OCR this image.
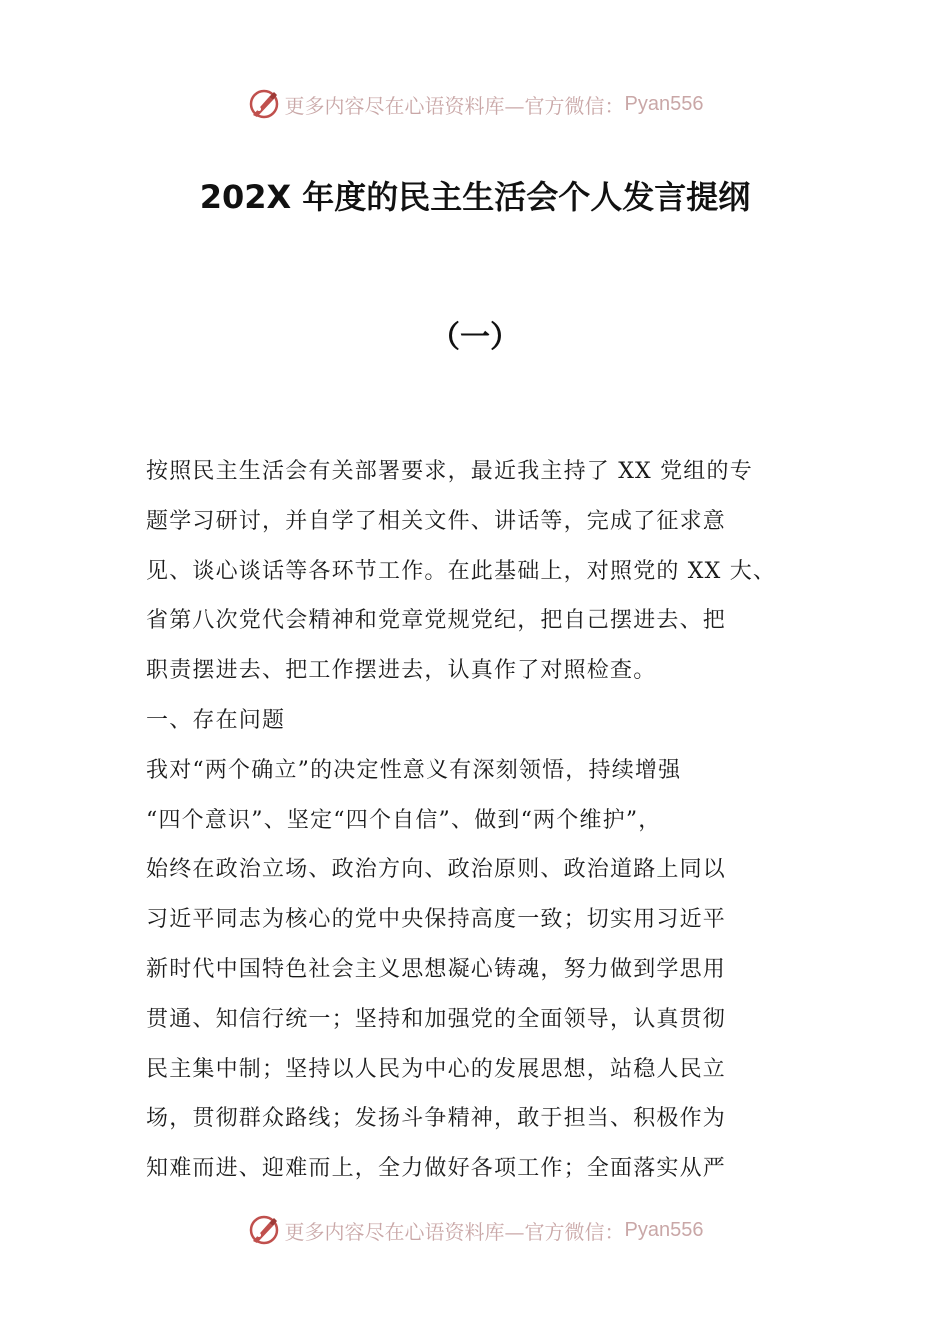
更多内容尽在心语资料库—官方微信： Pyan556
202X 年度的民主生活会个人发言提纲
（一）
按照民主生活会有关部署要求，最近我主持了 XX 党组的专
题学习研讨，并自学了相关文件、讲话等，完成了征求意
见、谈心谈话等各环节工作。在此基础上，对照党的 XX 大、
省第八次党代会精神和党章党规党纪，把自己摆进去、把
职责摆进去、把工作摆进去，认真作了对照检查。
一、存在问题
我对“两个确立”的决定性意义有深刻领悟，持续增强
“四个意识”、坚定“四个自信”、做到“两个维护”，
始终在政治立场、政治方向、政治原则、政治道路上同以
习近平同志为核心的党中央保持高度一致；切实用习近平
新时代中国特色社会主义思想凝心铸魂，努力做到学思用
贯通、知信行统一；坚持和加强党的全面领导，认真贯彻
民主集中制；坚持以人民为中心的发展思想，站稳人民立
场，贯彻群众路线；发扬斗争精神，敢于担当、积极作为
知难而进、迎难而上，全力做好各项工作；全面落实从严
更多内容尽在心语资料库—官方微信： Pyan556
